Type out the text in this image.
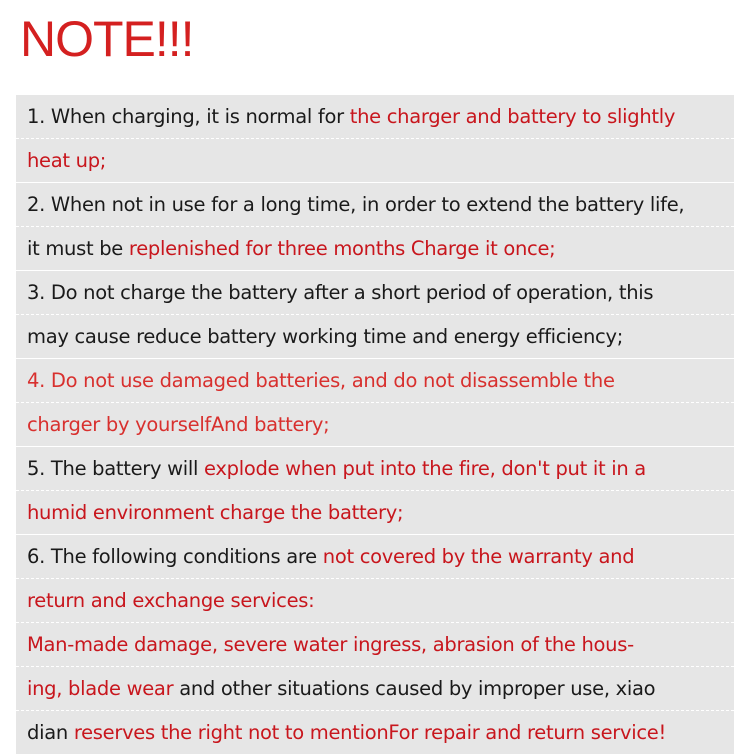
NOTE!!!
1. When charging, it is normal for the charger and battery to slightly
heat up;
2. When not in use for a long time, in order to extend the battery life,
it must be replenished for three months Charge it once;
3. Do not charge the battery after a short period of operation, this
may cause reduce battery working time and energy efficiency;
4. Do not use damaged batteries, and do not disassemble the
charger by yourselfAnd battery;
5. The battery will explode when put into the fire, don't put it in a
humid environment charge the battery;
6. The following conditions are not covered by the warranty and
return and exchange services:
Man-made damage, severe water ingress, abrasion of the hous-
ing, blade wear and other situations caused by improper use, xiao
dian reserves the right not to mentionFor repair and return service!
